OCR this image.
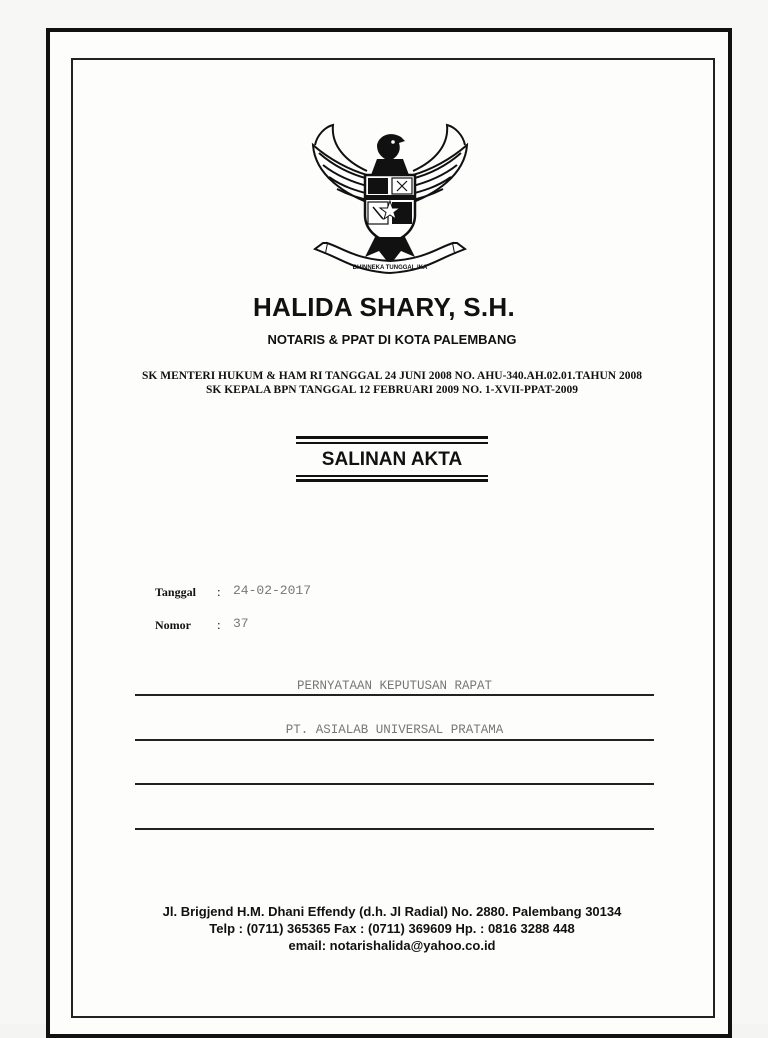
BHINNEKA TUNGGAL IKA
HALIDA SHARY, S.H.
NOTARIS & PPAT DI KOTA PALEMBANG
SK MENTERI HUKUM & HAM RI TANGGAL 24 JUNI 2008 NO. AHU-340.AH.02.01.TAHUN 2008
SK KEPALA BPN TANGGAL 12 FEBRUARI 2009 NO. 1-XVII-PPAT-2009
SALINAN AKTA
Tanggal : 24-02-2017
Nomor : 37
PERNYATAAN KEPUTUSAN RAPAT
PT. ASIALAB UNIVERSAL PRATAMA
Jl. Brigjend H.M. Dhani Effendy (d.h. Jl Radial) No. 2880. Palembang 30134
Telp : (0711) 365365 Fax : (0711) 369609 Hp. : 0816 3288 448
email: notarishalida@yahoo.co.id
